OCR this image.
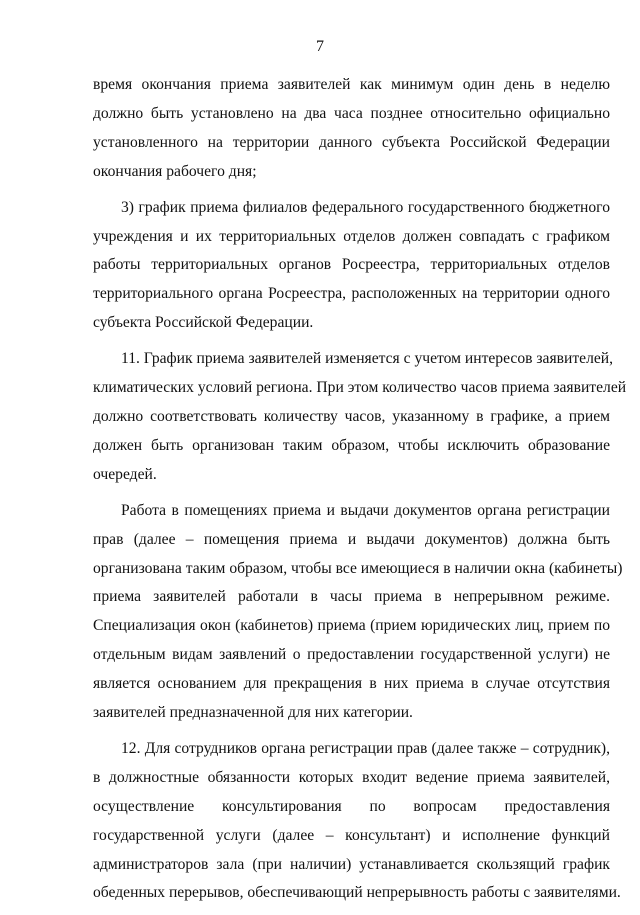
7
время окончания приема заявителей как минимум один день в неделю
должно быть установлено на два часа позднее относительно официально
установленного на территории данного субъекта Российской Федерации
окончания рабочего дня;
3) график приема филиалов федерального государственного бюджетного
учреждения и их территориальных отделов должен совпадать с графиком
работы территориальных органов Росреестра, территориальных отделов
территориального органа Росреестра, расположенных на территории одного
субъекта Российской Федерации.
11. График приема заявителей изменяется с учетом интересов заявителей,
климатических условий региона. При этом количество часов приема заявителей
должно соответствовать количеству часов, указанному в графике, а прием
должен быть организован таким образом, чтобы исключить образование
очередей.
Работа в помещениях приема и выдачи документов органа регистрации
прав (далее – помещения приема и выдачи документов) должна быть
организована таким образом, чтобы все имеющиеся в наличии окна (кабинеты)
приема заявителей работали в часы приема в непрерывном режиме.
Специализация окон (кабинетов) приема (прием юридических лиц, прием по
отдельным видам заявлений о предоставлении государственной услуги) не
является основанием для прекращения в них приема в случае отсутствия
заявителей предназначенной для них категории.
12. Для сотрудников органа регистрации прав (далее также – сотрудник),
в должностные обязанности которых входит ведение приема заявителей,
осуществление консультирования по вопросам предоставления
государственной услуги (далее – консультант) и исполнение функций
администраторов зала (при наличии) устанавливается скользящий график
обеденных перерывов, обеспечивающий непрерывность работы с заявителями.
